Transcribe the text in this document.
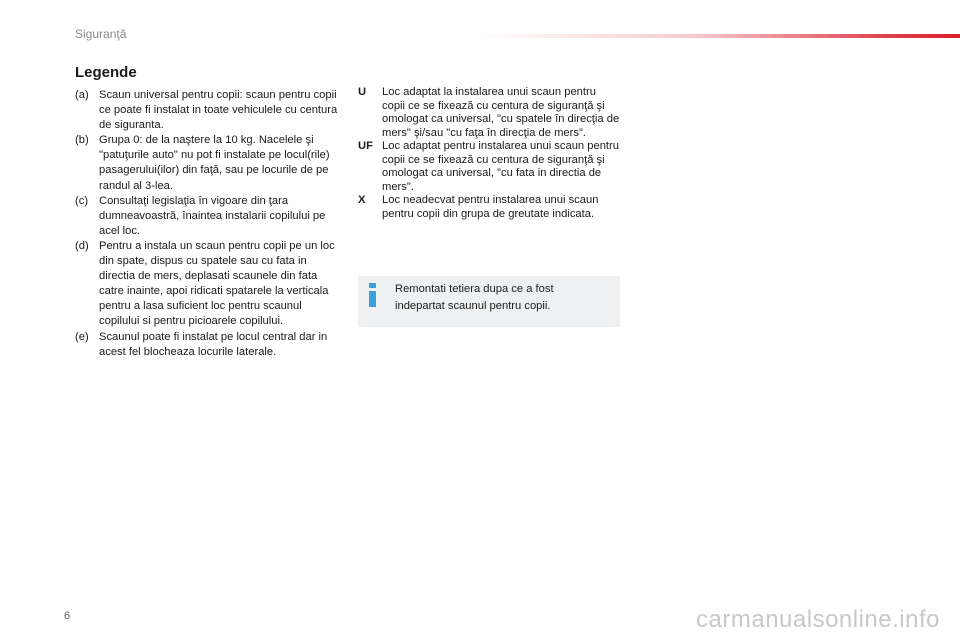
Siguranţă
Legende
(a) Scaun universal pentru copii: scaun pentru copii ce poate fi instalat in toate vehiculele cu centura de siguranta.
(b) Grupa 0: de la naştere la 10 kg. Nacelele şi "patuţurile auto" nu pot fi instalate pe locul(rile) pasagerului(ilor) din faţă, sau pe locurile de pe randul al 3-lea.
(c) Consultaţi legislaţia în vigoare din ţara dumneavoastră, înaintea instalarii copilului pe acel loc.
(d) Pentru a instala un scaun pentru copii pe un loc din spate, dispus cu spatele sau cu fata in directia de mers, deplasati scaunele din fata catre inainte, apoi ridicati spatarele la verticala pentru a lasa suficient loc pentru scaunul copilului si pentru picioarele copilului.
(e) Scaunul poate fi instalat pe locul central dar in acest fel blocheaza locurile laterale.
U	Loc adaptat la instalarea unui scaun pentru copii ce se fixează cu centura de siguranţă şi omologat ca universal, "cu spatele în direcţia de mers" şi/sau "cu faţa în direcţia de mers".
UF Loc adaptat pentru instalarea unui scaun pentru copii ce se fixează cu centura de siguranţă şi omologat ca universal, "cu fata in directia de mers".
X	Loc neadecvat pentru instalarea unui scaun pentru copii din grupa de greutate indicata.
Remontati tetiera dupa ce a fost indepartat scaunul pentru copii.
6	carmanualsonline.info
